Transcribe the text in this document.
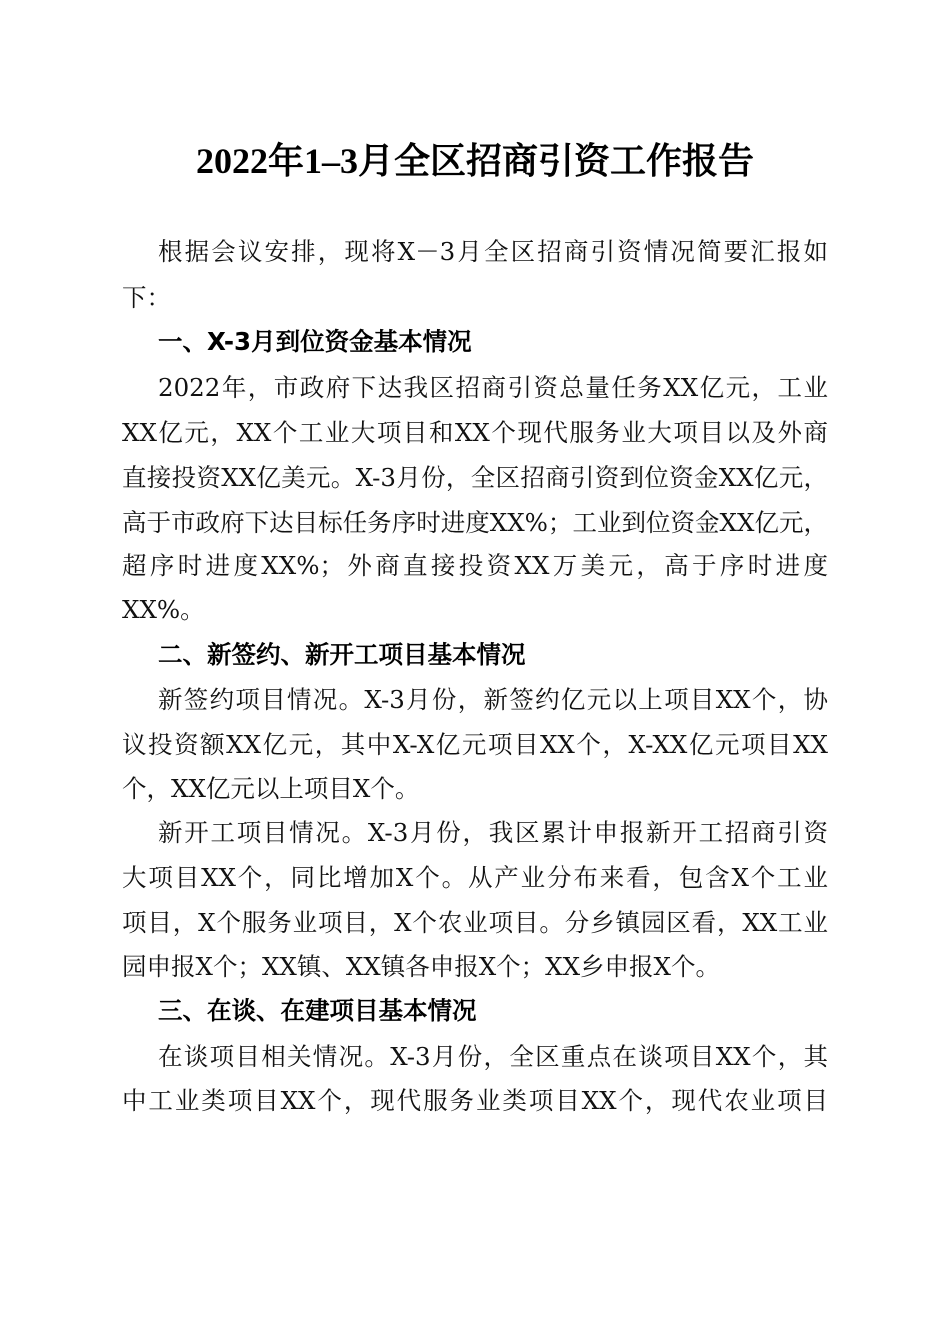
2022年1–3月全区招商引资工作报告
根据会议安排，现将X－3月全区招商引资情况简要汇报如
下：
一、X-3月到位资金基本情况
2022年，市政府下达我区招商引资总量任务XX亿元，工业
XX亿元，XX个工业大项目和XX个现代服务业大项目以及外商
直接投资XX亿美元。X-3月份，全区招商引资到位资金XX亿元，
高于市政府下达目标任务序时进度XX%；工业到位资金XX亿元，
超序时进度XX%；外商直接投资XX万美元，高于序时进度
XX%。
二、新签约、新开工项目基本情况
新签约项目情况。X-3月份，新签约亿元以上项目XX个，协
议投资额XX亿元，其中X-X亿元项目XX个，X-XX亿元项目XX
个，XX亿元以上项目X个。
新开工项目情况。X-3月份，我区累计申报新开工招商引资
大项目XX个，同比增加X个。从产业分布来看，包含X个工业
项目，X个服务业项目，X个农业项目。分乡镇园区看，XX工业
园申报X个；XX镇、XX镇各申报X个；XX乡申报X个。
三、在谈、在建项目基本情况
在谈项目相关情况。X-3月份，全区重点在谈项目XX个，其
中工业类项目XX个，现代服务业类项目XX个，现代农业项目
